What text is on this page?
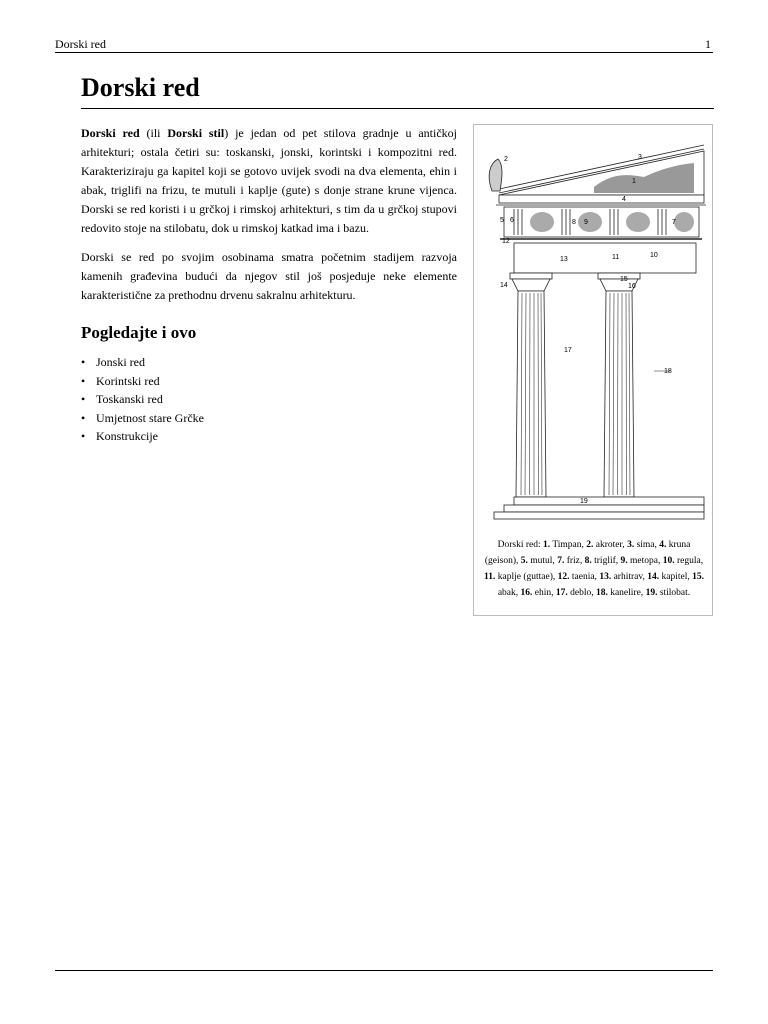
Dorski red	1
Dorski red

Dorski red (ili Dorski stil) je jedan od pet stilova gradnje u antičkoj arhitekturi; ostala četiri su: toskanski, jonski, korintski i kompozitni red. Karakteriziraju ga kapitel koji se gotovo uvijek svodi na dva elementa, ehin i abak, triglifi na frizu, te mutuli i kaplje (gute) s donje strane krune vijenca. Dorski se red koristi i u grčkoj i rimskoj arhitekturi, s tim da u grčkoj stupovi redovito stoje na stilobatu, dok u rimskoj katkad ima i bazu.

Dorski se red po svojim osobinama smatra početnim stadijem razvoja kamenih građevina budući da njegov stil još posjeduje neke elemente karakteristične za prethodnu drvenu sakralnu arhitekturu.

Pogledajte i ovo
• Jonski red
• Korintski red
• Toskanski red
• Umjetnost stare Grčke
• Konstrukcije
1
2	3
4
5 6	7
8 9
10
11
12
13
14
15
16
17
18
19
Dorski red: 1. Timpan, 2. akroter, 3. sima, 4. kruna (geison), 5. mutul, 7. friz, 8. triglif, 9. metopa, 10. regula, 11. kaplje (guttae), 12. taenia, 13. arhitrav, 14. kapitel, 15. abak, 16. ehin, 17. deblo, 18. kanelire, 19. stilobat.
